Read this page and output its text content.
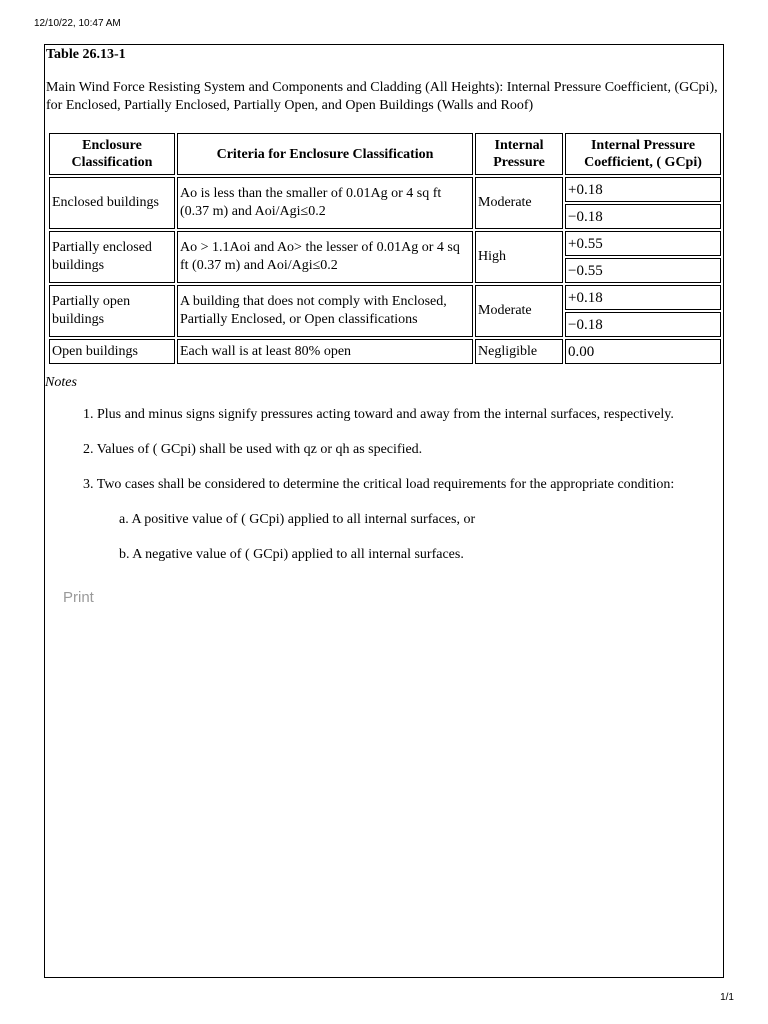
12/10/22, 10:47 AM
Table 26.13-1
Main Wind Force Resisting System and Components and Cladding (All Heights): Internal Pressure Coefficient, (GCpi), for Enclosed, Partially Enclosed, Partially Open, and Open Buildings (Walls and Roof)
Enclosure Classification	Criteria for Enclosure Classification	Internal Pressure	Internal Pressure Coefficient, ( GCpi)
Enclosed buildings	Ao is less than the smaller of 0.01Ag or 4 sq ft (0.37 m) and Aoi/Agi≤0.2	Moderate	+0.18
			−0.18
Partially enclosed buildings	Ao > 1.1Aoi and Ao> the lesser of 0.01Ag or 4 sq ft (0.37 m) and Aoi/Agi≤0.2	High	+0.55
			−0.55
Partially open buildings	A building that does not comply with Enclosed, Partially Enclosed, or Open classifications	Moderate	+0.18
			−0.18
Open buildings	Each wall is at least 80% open	Negligible	0.00
Notes
1. Plus and minus signs signify pressures acting toward and away from the internal surfaces, respectively.
2. Values of ( GCpi) shall be used with qz or qh as specified.
3. Two cases shall be considered to determine the critical load requirements for the appropriate condition:
a. A positive value of ( GCpi) applied to all internal surfaces, or
b. A negative value of ( GCpi) applied to all internal surfaces.
Print
1/1
